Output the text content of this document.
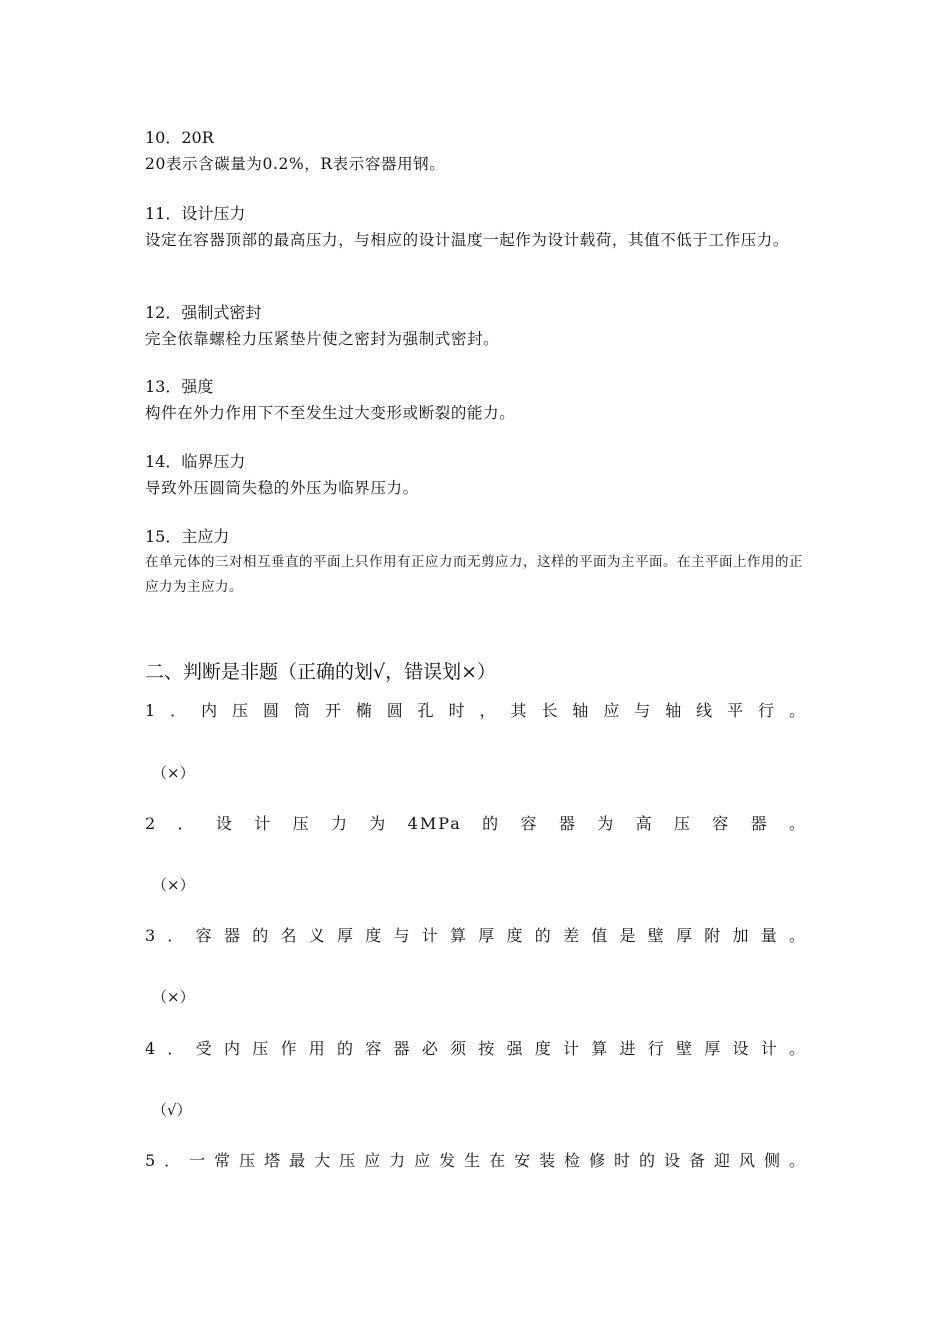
10．20R

20表示含碳量为0.2%，R表示容器用钢。

11．设计压力

设定在容器顶部的最高压力，与相应的设计温度一起作为设计载荷，其值不低于工作压力。

12．强制式密封

完全依靠螺栓力压紧垫片使之密封为强制式密封。

13．强度

构件在外力作用下不至发生过大变形或断裂的能力。

14．临界压力

导致外压圆筒失稳的外压为临界压力。

15．主应力

在单元体的三对相互垂直的平面上只作用有正应力而无剪应力，这样的平面为主平面。在主平面上作用的正应力为主应力。

二、判断是非题（正确的划√，错误划×）

1．内压圆筒开椭圆孔时，其长轴应与轴线平行。

（×）

2．设计压力为4MPa的容器为高压容器。

（×）

3．容器的名义厚度与计算厚度的差值是壁厚附加量。

（×）

4．受内压作用的容器必须按强度计算进行壁厚设计。

（√）

5．一常压塔最大压应力应发生在安装检修时的设备迎风侧。
